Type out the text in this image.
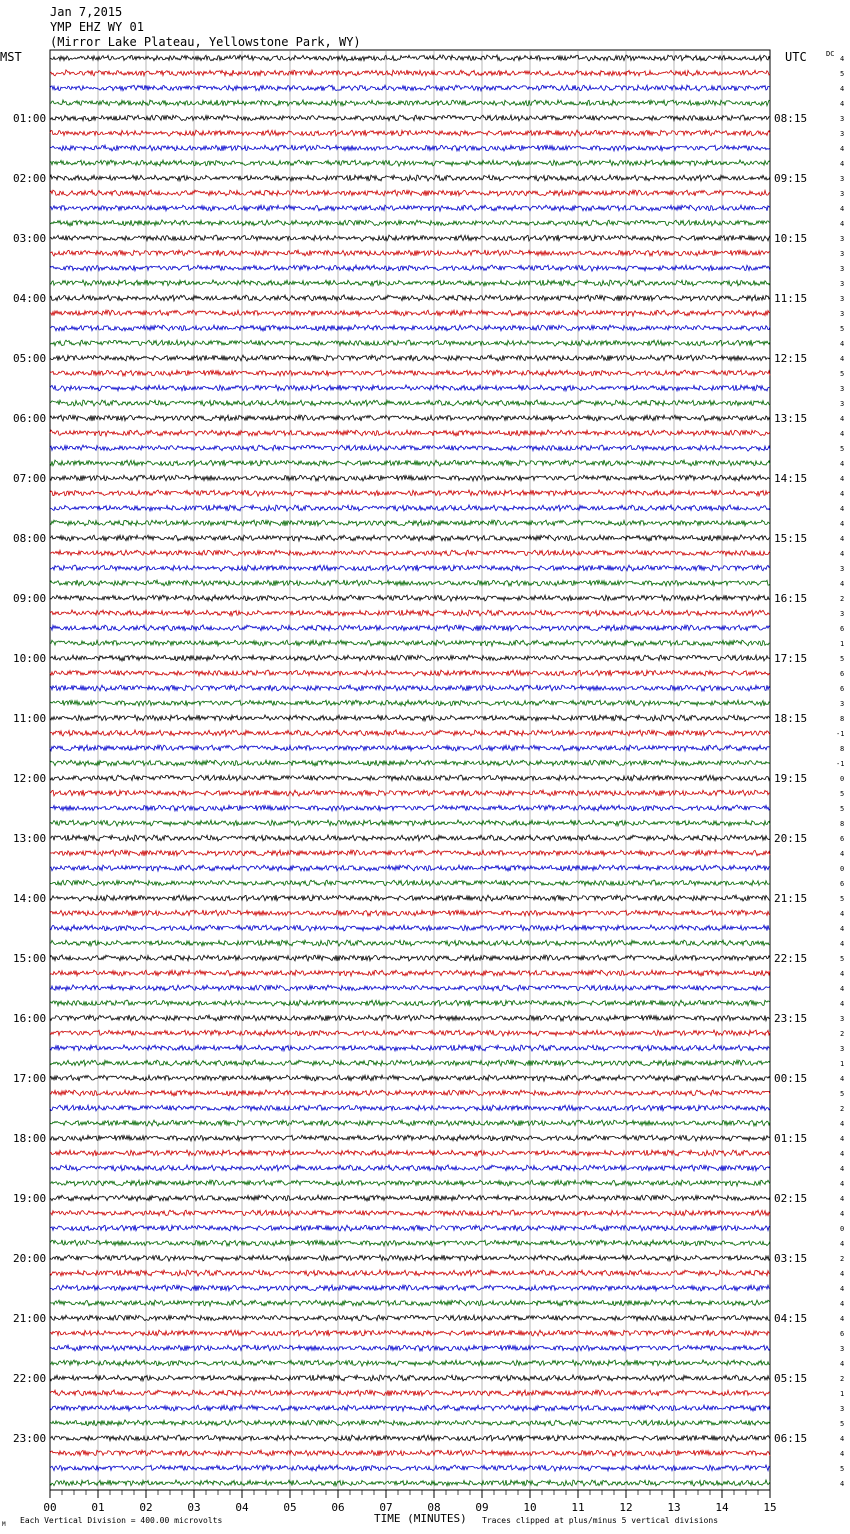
Jan 7,2015
YMP EHZ WY 01
(Mirror Lake Plateau, Yellowstone Park, WY)
MST	UTC	DC
01:00
02:00
03:00
04:00
05:00
06:00
07:00
08:00
09:00
10:00
11:00
12:00
13:00
14:00
15:00
16:00
17:00
18:00
19:00
20:00
21:00
22:00
23:00
08:15
09:15
10:15
11:15
12:15
13:15
14:15
15:15
16:15
17:15
18:15
19:15
20:15
21:15
22:15
23:15
00:15
01:15
02:15
03:15
04:15
05:15
06:15
4
5
4
4
3
3
4
4
3
3
4
4
3
3
3
3
3
3
5
4
4
5
3
3
4
4
5
4
4
4
4
4
4
4
3
4
2
3
6
1
5
6
6
3
8
-1
8
-1
0
5
5
8
6
4
0
6
5
4
4
4
5
4
4
4
3
2
3
1
4
5
2
4
4
4
4
4
4
4
0
4
2
4
4
4
4
6
3
4
2
1
3
5
4
4
5
4
00	01	02	03	04	05	06	07	08	09	10	11	12	13	14	15
TIME (MINUTES)
Each Vertical Division = 400.00 microvolts	Traces clipped at plus/minus 5 vertical divisions
M
